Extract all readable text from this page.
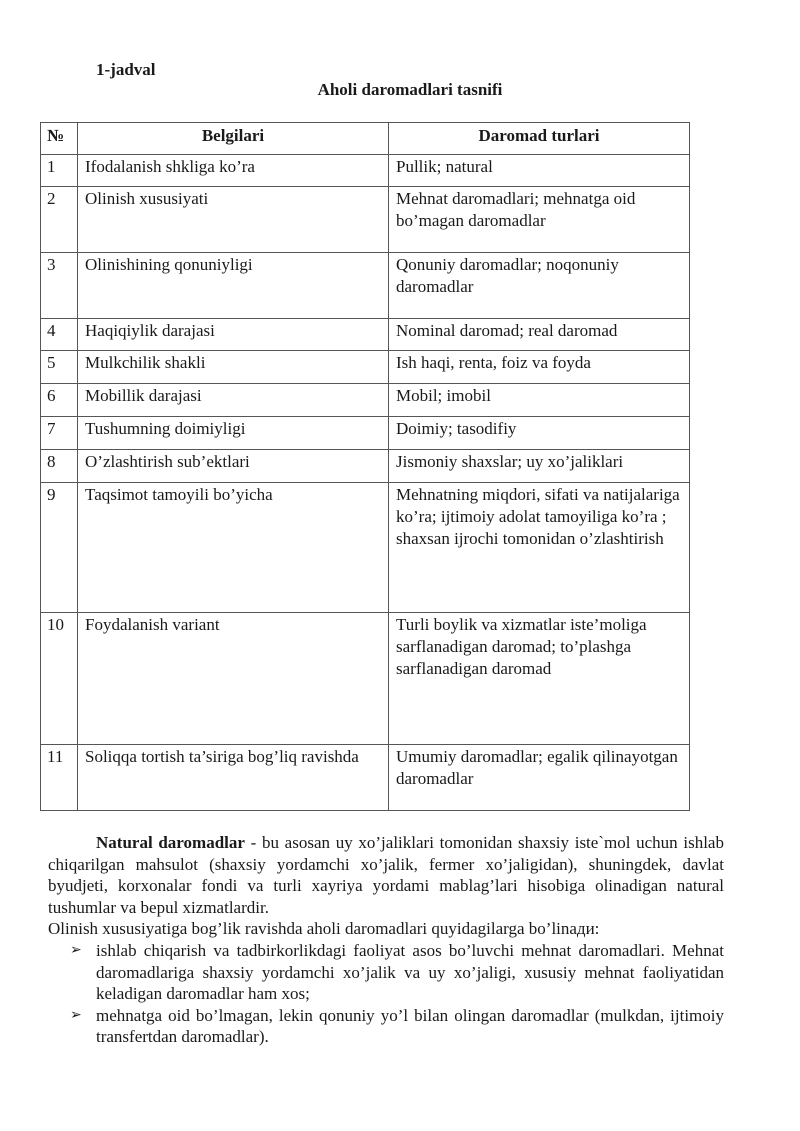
1-jadval
Aholi daromadlari tasnifi
№	Belgilari	Daromad turlari
1	Ifodalanish shkliga ko’ra	Pullik; natural
2	Olinish xususiyati	Mehnat daromadlari; mehnatga oid bo’magan daromadlar
3	Olinishining qonuniyligi	Qonuniy daromadlar; noqonuniy daromadlar
4	Haqiqiylik darajasi	Nominal daromad; real daromad
5	Mulkchilik shakli	Ish haqi, renta, foiz va foyda
6	Mobillik darajasi	Mobil; imobil
7	Tushumning doimiyligi	Doimiy; tasodifiy
8	O’zlashtirish sub’ektlari	Jismoniy shaxslar; uy xo’jaliklari
9	Taqsimot tamoyili bo’yicha	Mehnatning miqdori, sifati va natijalariga ko’ra; ijtimoiy adolat tamoyiliga ko’ra ; shaxsan ijrochi tomonidan o’zlashtirish
10	Foydalanish variant	Turli boylik va xizmatlar iste’moliga sarflanadigan daromad; to’plashga sarflanadigan daromad
11	Soliqqa tortish ta’siriga bog’liq ravishda	Umumiy daromadlar; egalik qilinayotgan daromadlar

Natural daromadlar - bu asosan uy xo’jaliklari tomonidan shaxsiy iste`mol uchun ishlab chiqarilgan mahsulot (shaxsiy yordamchi xo’jalik, fermer xo’jaligidan), shuningdek, davlat byudjeti, korxonalar fondi va turli xayriya yordami mablag’lari hisobiga olinadigan natural tushumlar va bepul xizmatlardir.

Olinish xususiyatiga bog’lik ravishda aholi daromadlari quyidagilarga bo’linади:

➢ ishlab chiqarish va tadbirkorlikdagi faoliyat asos bo’luvchi mehnat daromadlari. Mehnat daromadlariga shaxsiy yordamchi xo’jalik va uy xo’jaligi, xususiy mehnat faoliyatidan keladigan daromadlar ham xos;
➢ mehnatga oid bo’lmagan, lekin qonuniy yo’l bilan olingan daromadlar (mulkdan, ijtimoiy transfertdan daromadlar).
